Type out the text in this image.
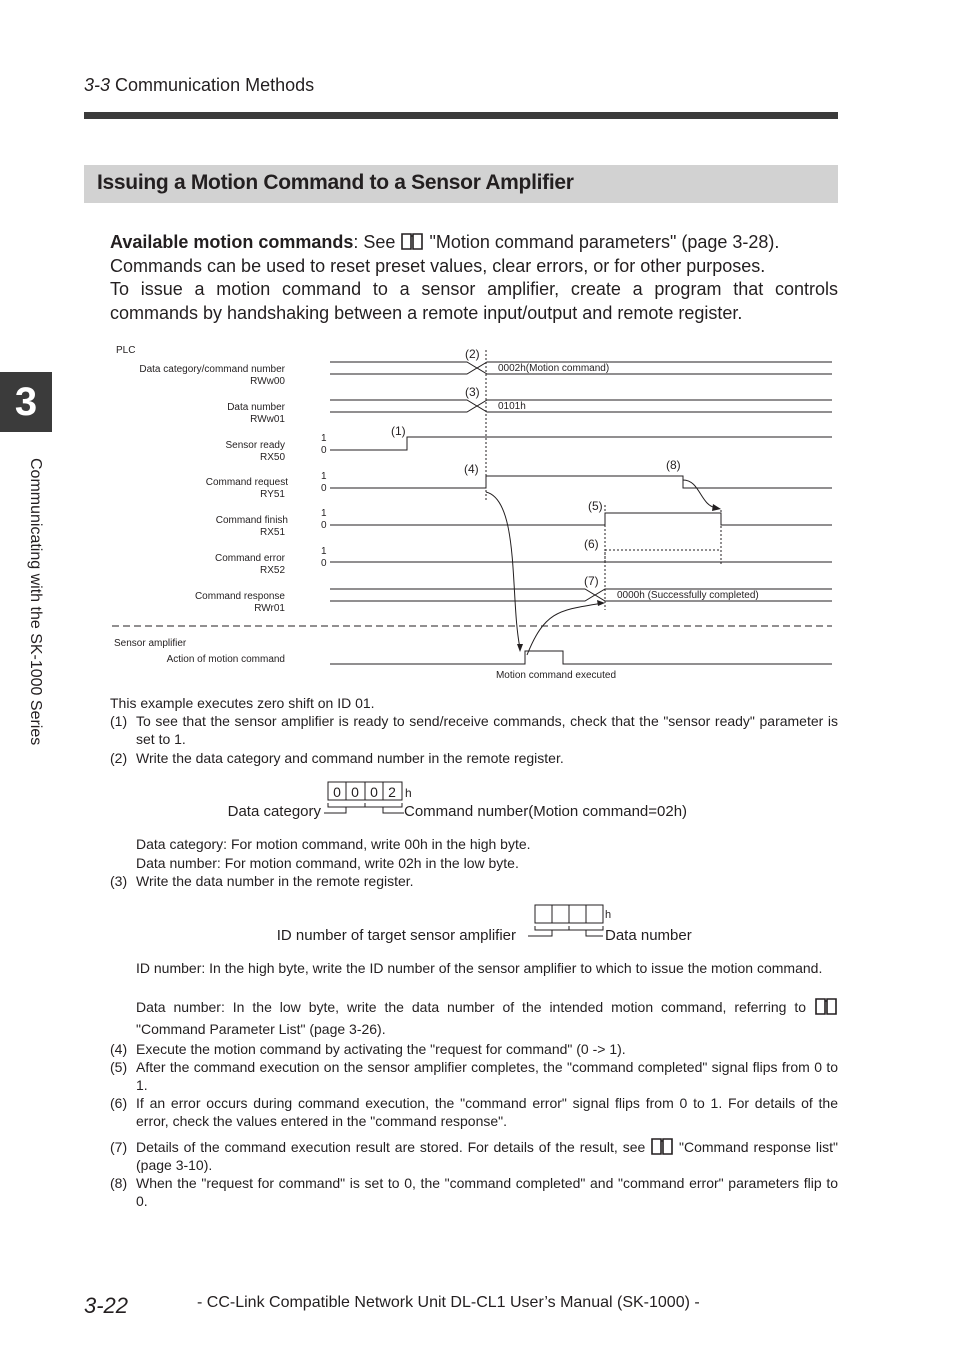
3-3 Communication Methods
Issuing a Motion Command to a Sensor Amplifier
3
Communicating with the SK-1000 Series

Available motion commands: See "Motion command parameters" (page 3-28).

Commands can be used to reset preset values, clear errors, or for other purposes.

To issue a motion command to a sensor amplifier, create a program that controls commands by handshaking between a remote input/output and remote register.

PLC
Data category/command number
RWw00
Data number
RWw01
Sensor ready
RX50
Command request
RY51
Command finish
RX51
Command error
RX52
Command response
RWr01
1
0
1
0
1
0
1
0
0002h(Motion command)
0101h
0000h (Successfully completed)
(2)
(3)
(1)
(4)	(8)
(5)
(6)
(7)
Sensor amplifier
Action of motion command
Motion command executed
This example executes zero shift on ID 01.
(1) To see that the sensor amplifier is ready to send/receive commands, check that the "sensor ready" parameter is set to 1.
(2) Write the data category and command number in the remote register.
0 0 0 2 h
Data category	Command number(Motion command=02h)
Data category: For motion command, write 00h in the high byte.
Data number: For motion command, write 02h in the low byte.
(3) Write the data number in the remote register.
h
ID number of target sensor amplifier	Data number
ID number: In the high byte, write the ID number of the sensor amplifier to which to issue the motion command.
Data number: In the low byte, write the data number of the intended motion command, referring to "Command Parameter List" (page 3-26).
(4) Execute the motion command by activating the "request for command" (0 -> 1).
(5) After the command execution on the sensor amplifier completes, the "command completed" signal flips from 0 to 1.
(6) If an error occurs during command execution, the "command error" signal flips from 0 to 1. For details of the error, check the values entered in the "command response".
(7) Details of the command execution result are stored. For details of the result, see "Command response list" (page 3-10).
(8) When the "request for command" is set to 0, the "command completed" and "command error" parameters flip to 0.
3-22	- CC-Link Compatible Network Unit DL-CL1 User’s Manual (SK-1000) -
